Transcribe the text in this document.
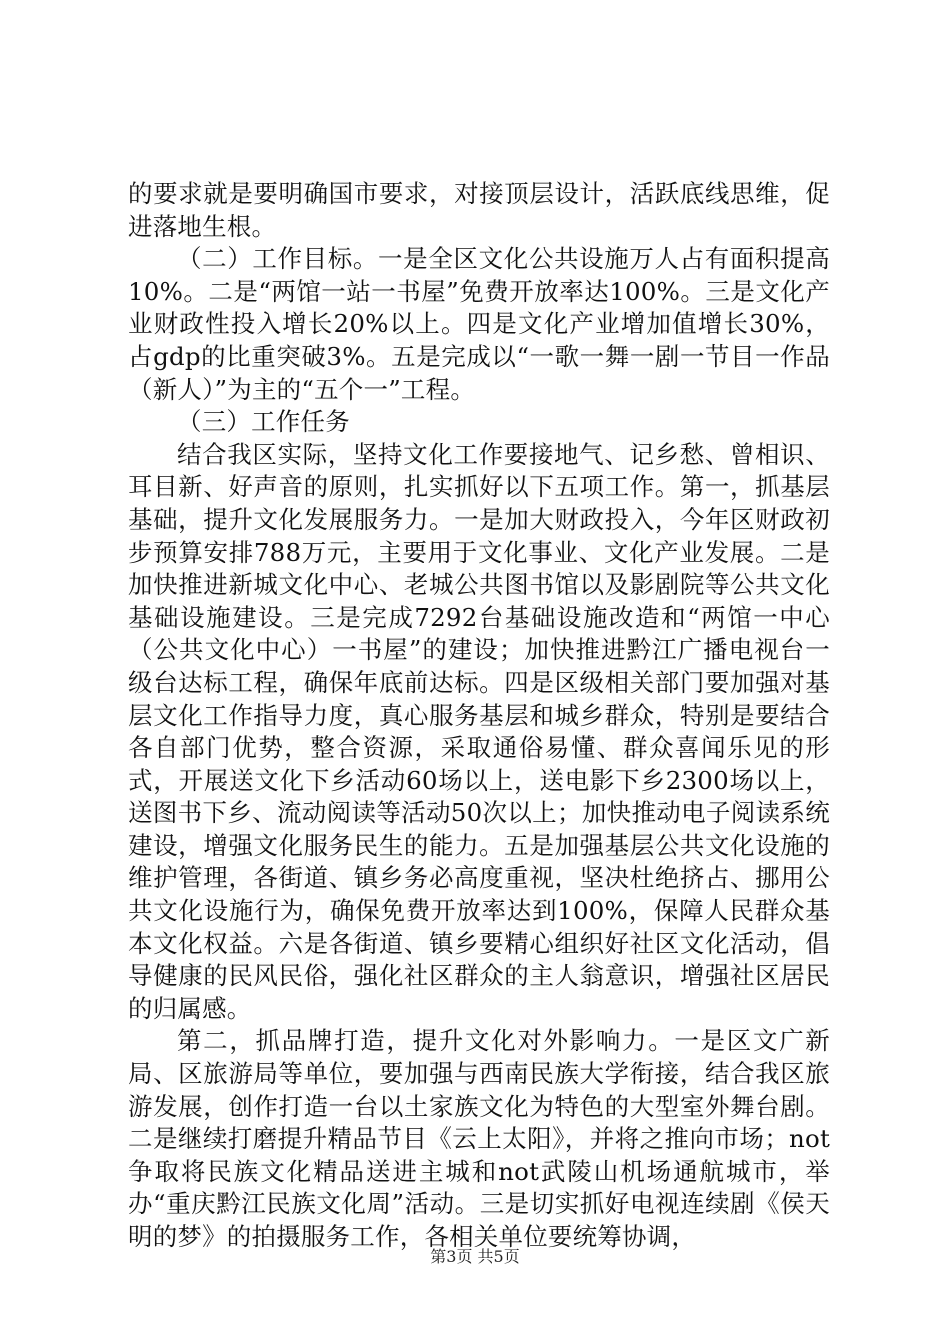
的要求就是要明确国市要求，对接顶层设计，活跃底线思维，促进落地生根。

（二）工作目标。一是全区文化公共设施万人占有面积提高10%。二是“两馆一站一书屋”免费开放率达100%。三是文化产业财政性投入增长20%以上。四是文化产业增加值增长30%，占gdp的比重突破3%。五是完成以“一歌一舞一剧一节目一作品（新人）”为主的“五个一”工程。

（三）工作任务

结合我区实际，坚持文化工作要接地气、记乡愁、曾相识、耳目新、好声音的原则，扎实抓好以下五项工作。第一，抓基层基础，提升文化发展服务力。一是加大财政投入，今年区财政初步预算安排788万元，主要用于文化事业、文化产业发展。二是加快推进新城文化中心、老城公共图书馆以及影剧院等公共文化基础设施建设。三是完成7292台基础设施改造和“两馆一中心（公共文化中心）一书屋”的建设；加快推进黔江广播电视台一级台达标工程，确保年底前达标。四是区级相关部门要加强对基层文化工作指导力度，真心服务基层和城乡群众，特别是要结合各自部门优势，整合资源，采取通俗易懂、群众喜闻乐见的形式，开展送文化下乡活动60场以上，送电影下乡2300场以上，送图书下乡、流动阅读等活动50次以上；加快推动电子阅读系统建设，增强文化服务民生的能力。五是加强基层公共文化设施的维护管理，各街道、镇乡务必高度重视，坚决杜绝挤占、挪用公共文化设施行为，确保免费开放率达到100%，保障人民群众基本文化权益。六是各街道、镇乡要精心组织好社区文化活动，倡导健康的民风民俗，强化社区群众的主人翁意识，增强社区居民的归属感。

第二，抓品牌打造，提升文化对外影响力。一是区文广新局、区旅游局等单位，要加强与西南民族大学衔接，结合我区旅游发展，创作打造一台以土家族文化为特色的大型室外舞台剧。二是继续打磨提升精品节目《云上太阳》，并将之推向市场；not争取将民族文化精品送进主城和not武陵山机场通航城市，举办“重庆黔江民族文化周”活动。三是切实抓好电视连续剧《侯天明的梦》的拍摄服务工作，各相关单位要统筹协调，

第3页 共5页
